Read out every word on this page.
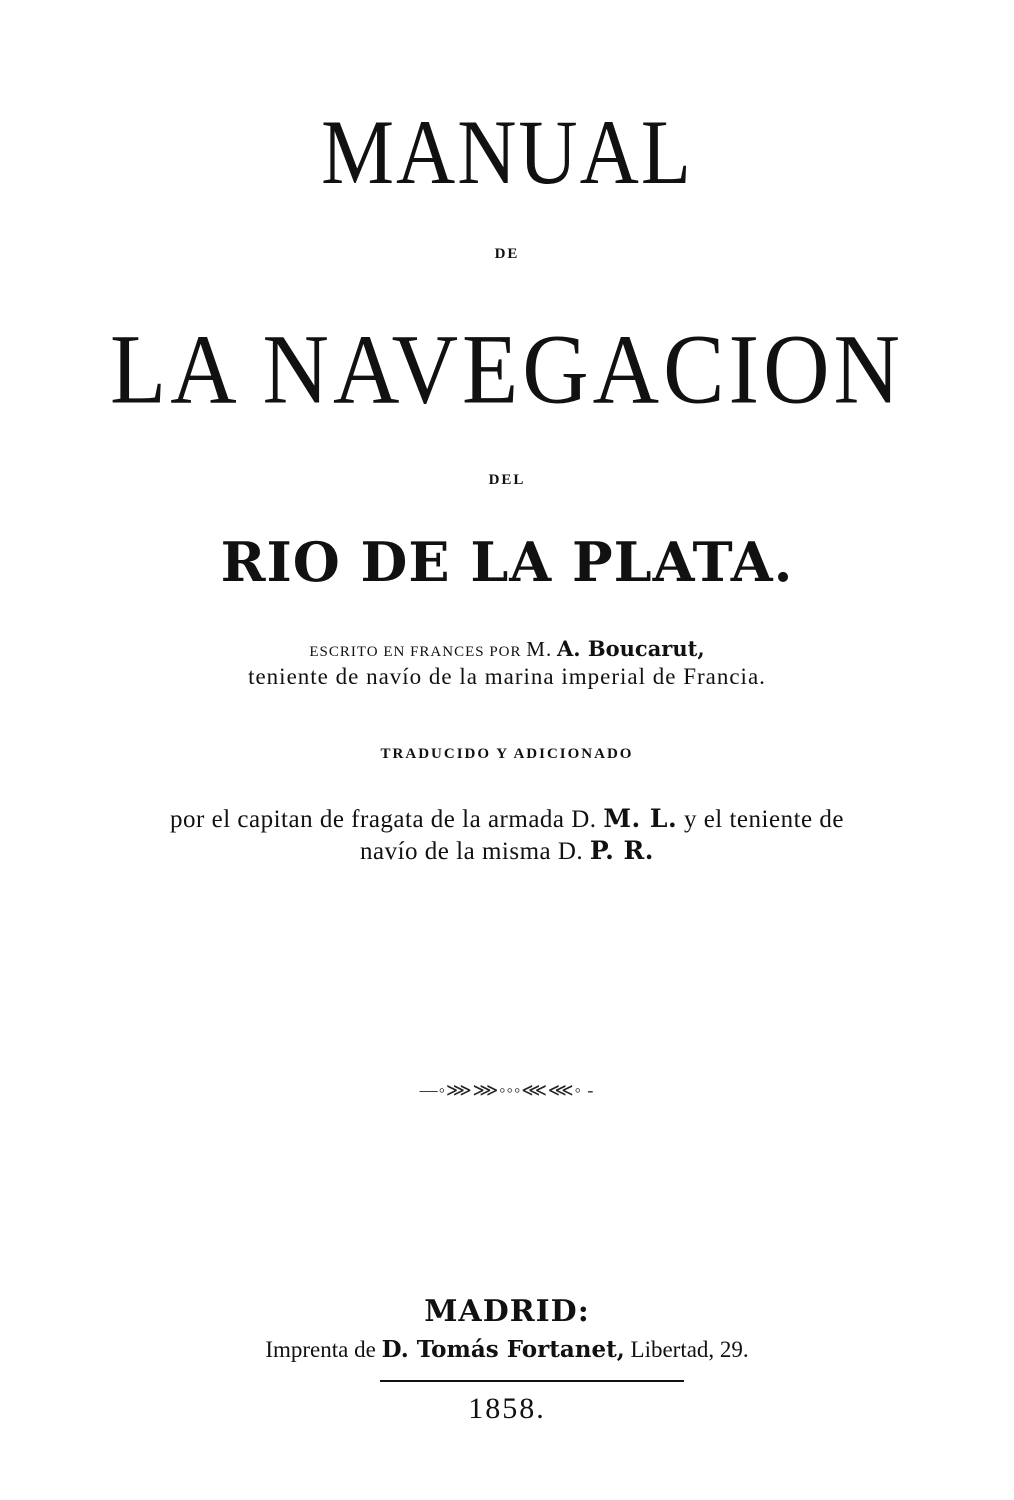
MANUAL
DE
LA NAVEGACION
DEL
RIO DE LA PLATA.
ESCRITO EN FRANCES POR M. A. Boucarut,
teniente de navío de la marina imperial de Francia.
TRADUCIDO Y ADICIONADO
por el capitan de fragata de la armada D. M. L. y el teniente de
navío de la misma D. P. R.
—◦⋙⋙◦◦◦⋘⋘◦ -
MADRID:
Imprenta de D. Tomás Fortanet, Libertad, 29.
1858.
